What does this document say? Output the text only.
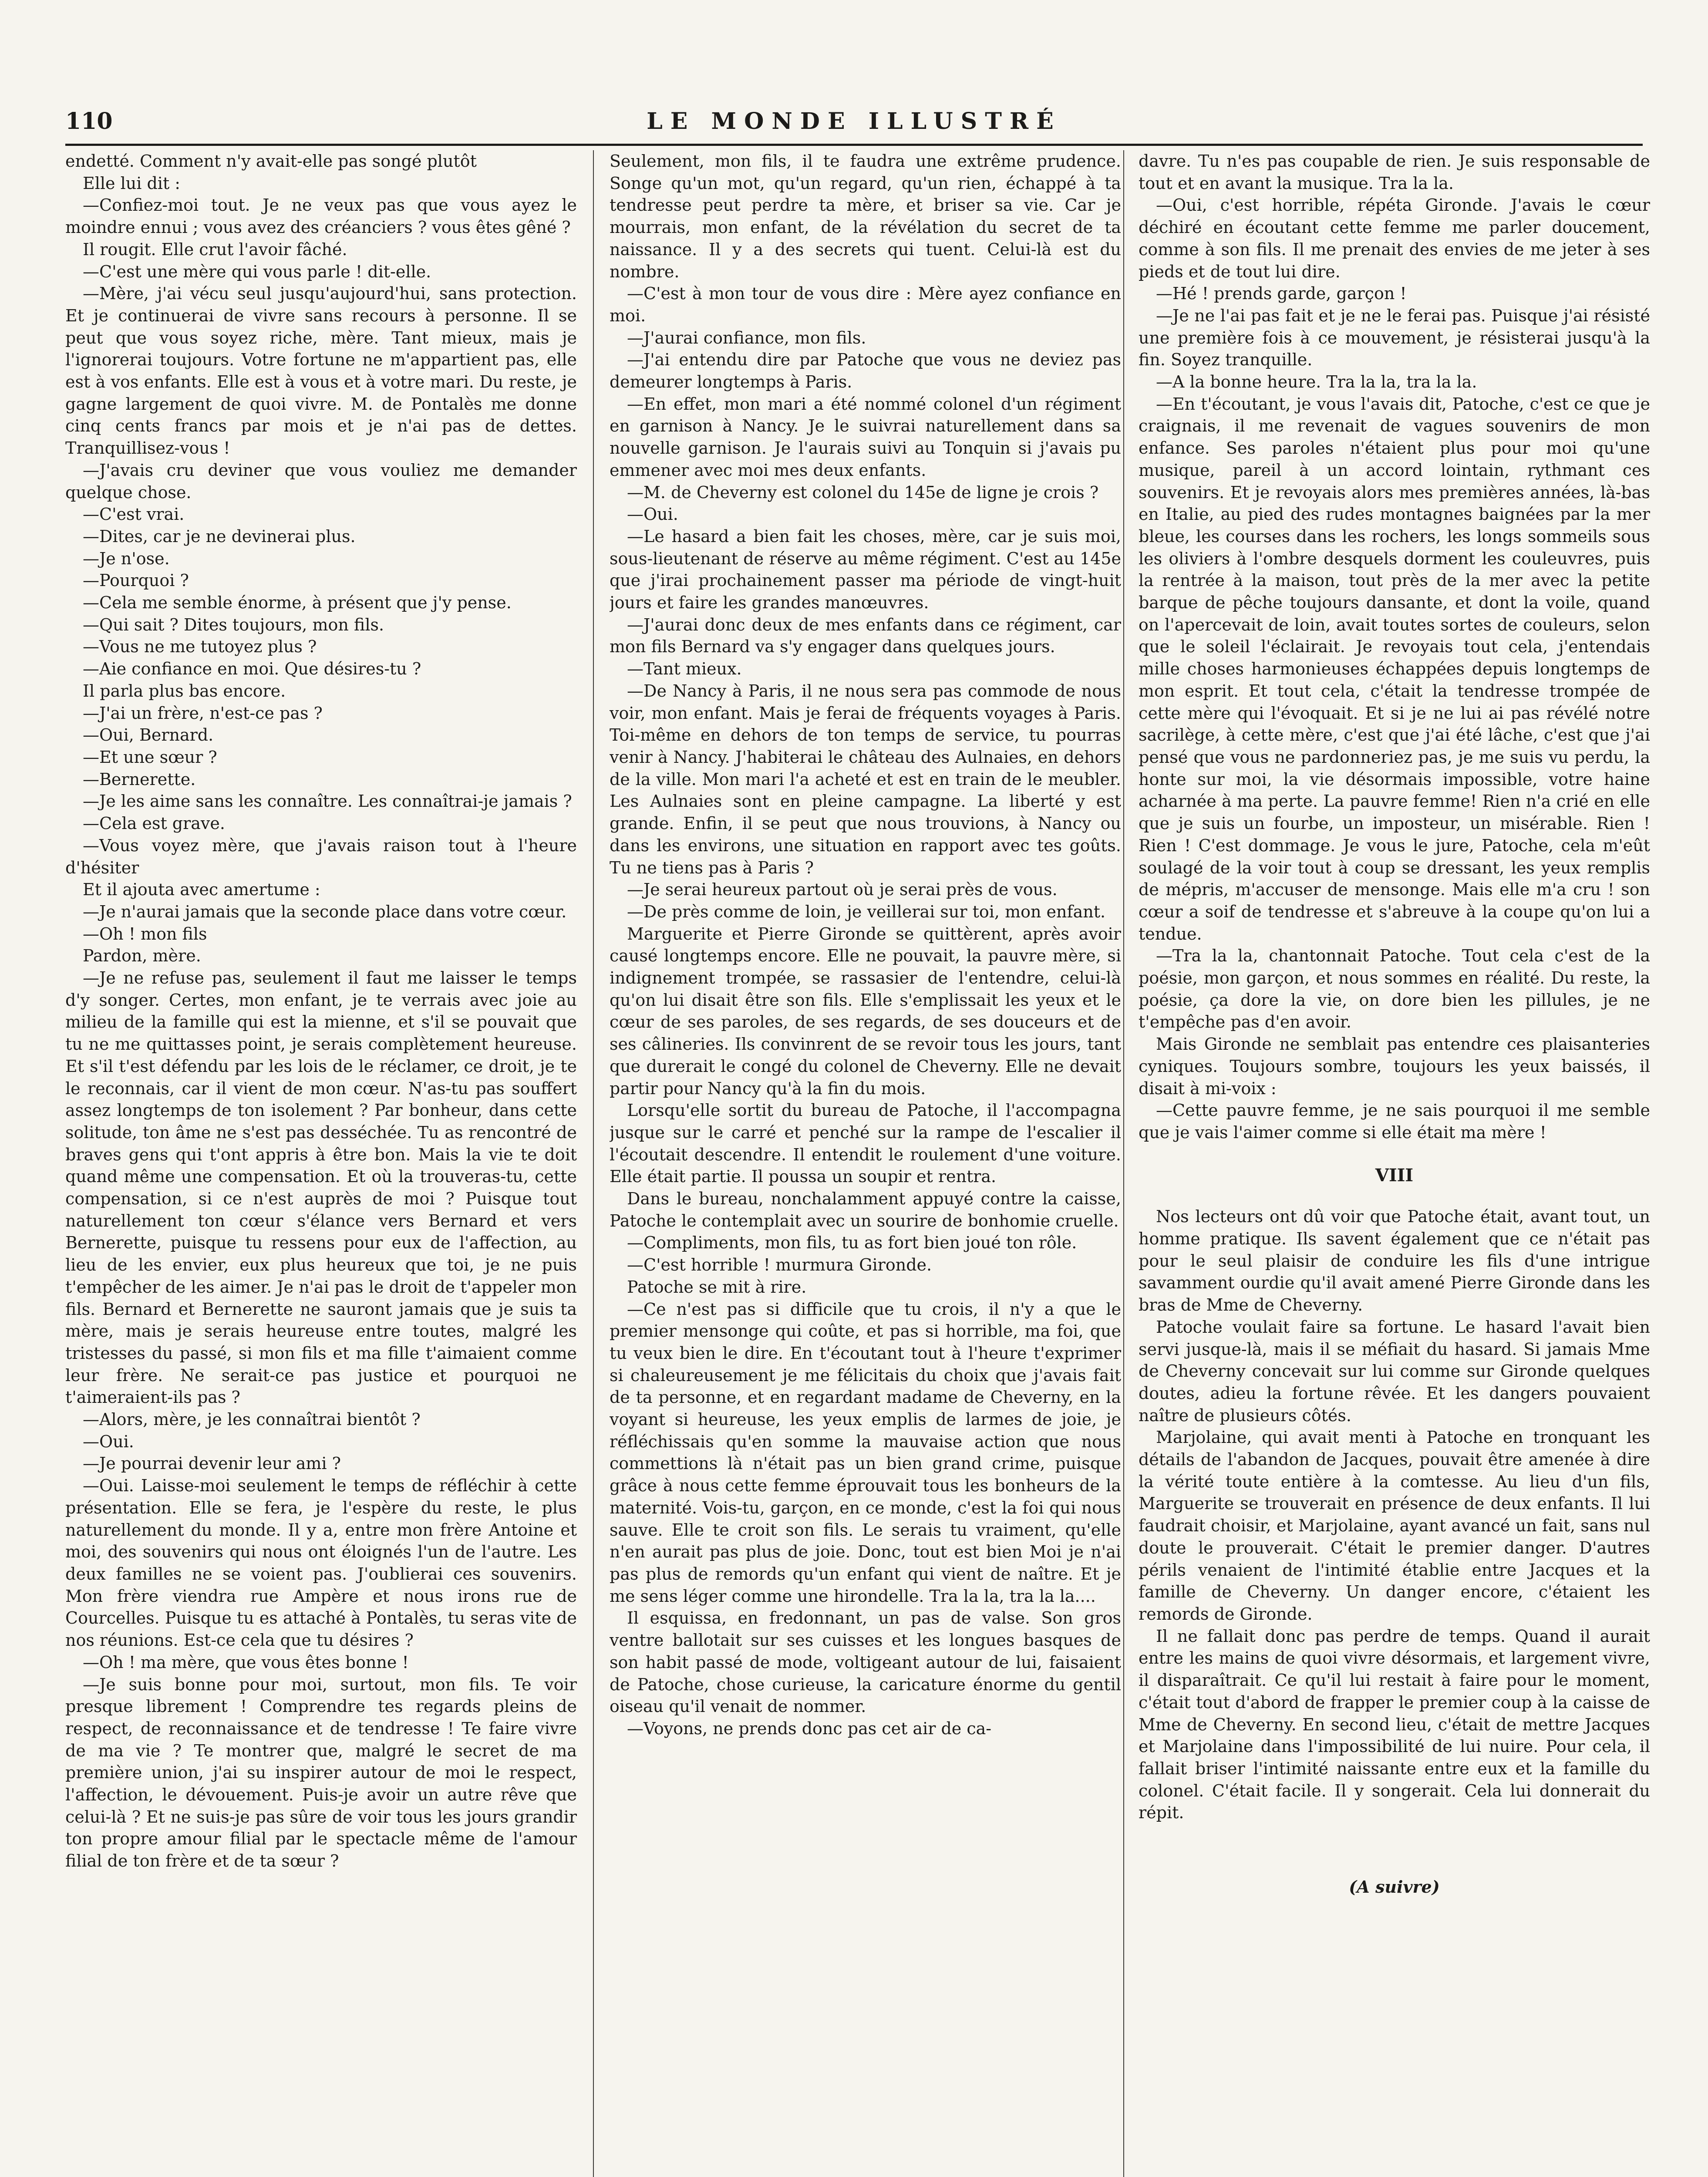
110	LE MONDE ILLUSTRÉ

endetté. Comment n'y avait-elle pas songé plutôt

Elle lui dit :

—Confiez-moi tout. Je ne veux pas que vous ayez le moindre ennui ; vous avez des créanciers ? vous êtes gêné ?

Il rougit. Elle crut l'avoir fâché.

—C'est une mère qui vous parle ! dit-elle.

—Mère, j'ai vécu seul jusqu'aujourd'hui, sans protection. Et je continuerai de vivre sans recours à personne. Il se peut que vous soyez riche, mère. Tant mieux, mais je l'ignorerai toujours. Votre fortune ne m'appartient pas, elle est à vos enfants. Elle est à vous et à votre mari. Du reste, je gagne largement de quoi vivre. M. de Pontalès me donne cinq cents francs par mois et je n'ai pas de dettes. Tranquillisez-vous !

—J'avais cru deviner que vous vouliez me demander quelque chose.

—C'est vrai.

—Dites, car je ne devinerai plus.

—Je n'ose.

—Pourquoi ?

—Cela me semble énorme, à présent que j'y pense.

—Qui sait ? Dites toujours, mon fils.

—Vous ne me tutoyez plus ?

—Aie confiance en moi. Que désires-tu ?

Il parla plus bas encore.

—J'ai un frère, n'est-ce pas ?

—Oui, Bernard.

—Et une sœur ?

—Bernerette.

—Je les aime sans les connaître. Les connaîtrai-je jamais ?

—Cela est grave.

—Vous voyez mère, que j'avais raison tout à l'heure d'hésiter

Et il ajouta avec amertume :

—Je n'aurai jamais que la seconde place dans votre cœur.

—Oh ! mon fils

Pardon, mère.

—Je ne refuse pas, seulement il faut me laisser le temps d'y songer. Certes, mon enfant, je te verrais avec joie au milieu de la famille qui est la mienne, et s'il se pouvait que tu ne me quittasses point, je serais complètement heureuse. Et s'il t'est défendu par les lois de le réclamer, ce droit, je te le reconnais, car il vient de mon cœur. N'as-tu pas souffert assez longtemps de ton isolement ? Par bonheur, dans cette solitude, ton âme ne s'est pas desséchée. Tu as rencontré de braves gens qui t'ont appris à être bon. Mais la vie te doit quand même une compensation. Et où la trouveras-tu, cette compensation, si ce n'est auprès de moi ? Puisque tout naturellement ton cœur s'élance vers Bernard et vers Bernerette, puisque tu ressens pour eux de l'affection, au lieu de les envier, eux plus heureux que toi, je ne puis t'empêcher de les aimer. Je n'ai pas le droit de t'appeler mon fils. Bernard et Bernerette ne sauront jamais que je suis ta mère, mais je serais heureuse entre toutes, malgré les tristesses du passé, si mon fils et ma fille t'aimaient comme leur frère. Ne serait-ce pas justice et pourquoi ne t'aimeraient-ils pas ?

—Alors, mère, je les connaîtrai bientôt ?

—Oui.

—Je pourrai devenir leur ami ?

—Oui. Laisse-moi seulement le temps de réfléchir à cette présentation. Elle se fera, je l'espère du reste, le plus naturellement du monde. Il y a, entre mon frère Antoine et moi, des souvenirs qui nous ont éloignés l'un de l'autre. Les deux familles ne se voient pas. J'oublierai ces souvenirs. Mon frère viendra rue Ampère et nous irons rue de Courcelles. Puisque tu es attaché à Pontalès, tu seras vite de nos réunions. Est-ce cela que tu désires ?

—Oh ! ma mère, que vous êtes bonne !

—Je suis bonne pour moi, surtout, mon fils. Te voir presque librement ! Comprendre tes regards pleins de respect, de reconnaissance et de tendresse ! Te faire vivre de ma vie ? Te montrer que, malgré le secret de ma première union, j'ai su inspirer autour de moi le respect, l'affection, le dévouement. Puis-je avoir un autre rêve que celui-là ? Et ne suis-je pas sûre de voir tous les jours grandir ton propre amour filial par le spectacle même de l'amour filial de ton frère et de ta sœur ?

Seulement, mon fils, il te faudra une extrême prudence. Songe qu'un mot, qu'un regard, qu'un rien, échappé à ta tendresse peut perdre ta mère, et briser sa vie. Car je mourrais, mon enfant, de la révélation du secret de ta naissance. Il y a des secrets qui tuent. Celui-là est du nombre.

—C'est à mon tour de vous dire : Mère ayez confiance en moi.

—J'aurai confiance, mon fils.

—J'ai entendu dire par Patoche que vous ne deviez pas demeurer longtemps à Paris.

—En effet, mon mari a été nommé colonel d'un régiment en garnison à Nancy. Je le suivrai naturellement dans sa nouvelle garnison. Je l'aurais suivi au Tonquin si j'avais pu emmener avec moi mes deux enfants.

—M. de Cheverny est colonel du 145e de ligne je crois ?

—Oui.

—Le hasard a bien fait les choses, mère, car je suis moi, sous-lieutenant de réserve au même régiment. C'est au 145e que j'irai prochainement passer ma période de vingt-huit jours et faire les grandes manœuvres.

—J'aurai donc deux de mes enfants dans ce régiment, car mon fils Bernard va s'y engager dans quelques jours.

—Tant mieux.

—De Nancy à Paris, il ne nous sera pas commode de nous voir, mon enfant. Mais je ferai de fréquents voyages à Paris. Toi-même en dehors de ton temps de service, tu pourras venir à Nancy. J'habiterai le château des Aulnaies, en dehors de la ville. Mon mari l'a acheté et est en train de le meubler. Les Aulnaies sont en pleine campagne. La liberté y est grande. Enfin, il se peut que nous trouvions, à Nancy ou dans les environs, une situation en rapport avec tes goûts. Tu ne tiens pas à Paris ?

—Je serai heureux partout où je serai près de vous.

—De près comme de loin, je veillerai sur toi, mon enfant.

Marguerite et Pierre Gironde se quittèrent, après avoir causé longtemps encore. Elle ne pouvait, la pauvre mère, si indignement trompée, se rassasier de l'entendre, celui-là qu'on lui disait être son fils. Elle s'emplissait les yeux et le cœur de ses paroles, de ses regards, de ses douceurs et de ses câlineries. Ils convinrent de se revoir tous les jours, tant que durerait le congé du colonel de Cheverny. Elle ne devait partir pour Nancy qu'à la fin du mois.

Lorsqu'elle sortit du bureau de Patoche, il l'accompagna jusque sur le carré et penché sur la rampe de l'escalier il l'écoutait descendre. Il entendit le roulement d'une voiture. Elle était partie. Il poussa un soupir et rentra.

Dans le bureau, nonchalamment appuyé contre la caisse, Patoche le contemplait avec un sourire de bonhomie cruelle.

—Compliments, mon fils, tu as fort bien joué ton rôle.

—C'est horrible ! murmura Gironde.

Patoche se mit à rire.

—Ce n'est pas si difficile que tu crois, il n'y a que le premier mensonge qui coûte, et pas si horrible, ma foi, que tu veux bien le dire. En t'écoutant tout à l'heure t'exprimer si chaleureusement je me félicitais du choix que j'avais fait de ta personne, et en regardant madame de Cheverny, en la voyant si heureuse, les yeux emplis de larmes de joie, je réfléchissais qu'en somme la mauvaise action que nous commettions là n'était pas un bien grand crime, puisque grâce à nous cette femme éprouvait tous les bonheurs de la maternité. Vois-tu, garçon, en ce monde, c'est la foi qui nous sauve. Elle te croit son fils. Le serais tu vraiment, qu'elle n'en aurait pas plus de joie. Donc, tout est bien Moi je n'ai pas plus de remords qu'un enfant qui vient de naître. Et je me sens léger comme une hirondelle. Tra la la, tra la la....

Il esquissa, en fredonnant, un pas de valse. Son gros ventre ballotait sur ses cuisses et les longues basques de son habit passé de mode, voltigeant autour de lui, faisaient de Patoche, chose curieuse, la caricature énorme du gentil oiseau qu'il venait de nommer.

—Voyons, ne prends donc pas cet air de ca-

davre. Tu n'es pas coupable de rien. Je suis responsable de tout et en avant la musique. Tra la la.

—Oui, c'est horrible, répéta Gironde. J'avais le cœur déchiré en écoutant cette femme me parler doucement, comme à son fils. Il me prenait des envies de me jeter à ses pieds et de tout lui dire.

—Hé ! prends garde, garçon !

—Je ne l'ai pas fait et je ne le ferai pas. Puisque j'ai résisté une première fois à ce mouvement, je résisterai jusqu'à la fin. Soyez tranquille.

—A la bonne heure. Tra la la, tra la la.

—En t'écoutant, je vous l'avais dit, Patoche, c'est ce que je craignais, il me revenait de vagues souvenirs de mon enfance. Ses paroles n'étaient plus pour moi qu'une musique, pareil à un accord lointain, rythmant ces souvenirs. Et je revoyais alors mes premières années, là-bas en Italie, au pied des rudes montagnes baignées par la mer bleue, les courses dans les rochers, les longs sommeils sous les oliviers à l'ombre desquels dorment les couleuvres, puis la rentrée à la maison, tout près de la mer avec la petite barque de pêche toujours dansante, et dont la voile, quand on l'apercevait de loin, avait toutes sortes de couleurs, selon que le soleil l'éclairait. Je revoyais tout cela, j'entendais mille choses harmonieuses échappées depuis longtemps de mon esprit. Et tout cela, c'était la tendresse trompée de cette mère qui l'évoquait. Et si je ne lui ai pas révélé notre sacrilège, à cette mère, c'est que j'ai été lâche, c'est que j'ai pensé que vous ne pardonneriez pas, je me suis vu perdu, la honte sur moi, la vie désormais impossible, votre haine acharnée à ma perte. La pauvre femme! Rien n'a crié en elle que je suis un fourbe, un imposteur, un misérable. Rien ! Rien ! C'est dommage. Je vous le jure, Patoche, cela m'eût soulagé de la voir tout à coup se dressant, les yeux remplis de mépris, m'accuser de mensonge. Mais elle m'a cru ! son cœur a soif de tendresse et s'abreuve à la coupe qu'on lui a tendue.

—Tra la la, chantonnait Patoche. Tout cela c'est de la poésie, mon garçon, et nous sommes en réalité. Du reste, la poésie, ça dore la vie, on dore bien les pillules, je ne t'empêche pas d'en avoir.

Mais Gironde ne semblait pas entendre ces plaisanteries cyniques. Toujours sombre, toujours les yeux baissés, il disait à mi-voix :

—Cette pauvre femme, je ne sais pourquoi il me semble que je vais l'aimer comme si elle était ma mère !

VIII

Nos lecteurs ont dû voir que Patoche était, avant tout, un homme pratique. Ils savent également que ce n'était pas pour le seul plaisir de conduire les fils d'une intrigue savamment ourdie qu'il avait amené Pierre Gironde dans les bras de Mme de Cheverny.

Patoche voulait faire sa fortune. Le hasard l'avait bien servi jusque-là, mais il se méfiait du hasard. Si jamais Mme de Cheverny concevait sur lui comme sur Gironde quelques doutes, adieu la fortune rêvée. Et les dangers pouvaient naître de plusieurs côtés.

Marjolaine, qui avait menti à Patoche en tronquant les détails de l'abandon de Jacques, pouvait être amenée à dire la vérité toute entière à la comtesse. Au lieu d'un fils, Marguerite se trouverait en présence de deux enfants. Il lui faudrait choisir, et Marjolaine, ayant avancé un fait, sans nul doute le prouverait. C'était le premier danger. D'autres périls venaient de l'intimité établie entre Jacques et la famille de Cheverny. Un danger encore, c'étaient les remords de Gironde.

Il ne fallait donc pas perdre de temps. Quand il aurait entre les mains de quoi vivre désormais, et largement vivre, il disparaîtrait. Ce qu'il lui restait à faire pour le moment, c'était tout d'abord de frapper le premier coup à la caisse de Mme de Cheverny. En second lieu, c'était de mettre Jacques et Marjolaine dans l'impossibilité de lui nuire. Pour cela, il fallait briser l'intimité naissante entre eux et la famille du colonel. C'était facile. Il y songerait. Cela lui donnerait du répit.

(A suivre)
